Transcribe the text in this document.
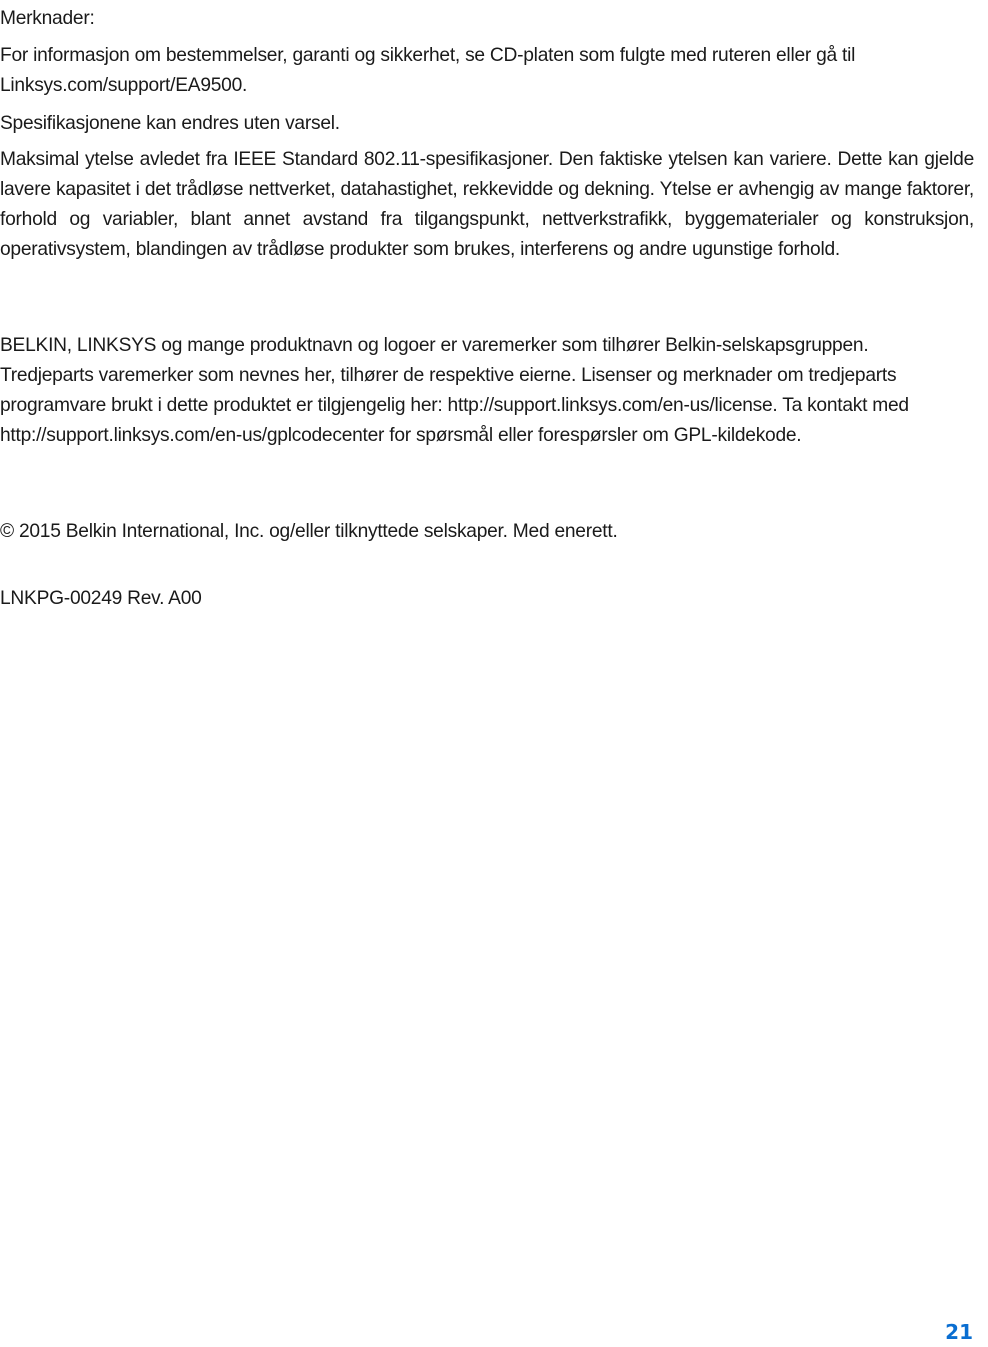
Merknader:

For informasjon om bestemmelser, garanti og sikkerhet, se CD-platen som fulgte med ruteren eller gå til Linksys.com/support/EA9500.

Spesifikasjonene kan endres uten varsel.

Maksimal ytelse avledet fra IEEE Standard 802.11-spesifikasjoner. Den faktiske ytelsen kan variere. Dette kan gjelde lavere kapasitet i det trådløse nettverket, datahastighet, rekkevidde og dekning. Ytelse er avhengig av mange faktorer, forhold og variabler, blant annet avstand fra tilgangspunkt, nettverkstrafikk, byggematerialer og konstruksjon, operativsystem, blandingen av trådløse produkter som brukes, interferens og andre ugunstige forhold.

BELKIN, LINKSYS og mange produktnavn og logoer er varemerker som tilhører Belkin-selskapsgruppen. Tredjeparts varemerker som nevnes her, tilhører de respektive eierne. Lisenser og merknader om tredjeparts programvare brukt i dette produktet er tilgjengelig her: http://support.linksys.com/en-us/license. Ta kontakt med http://support.linksys.com/en-us/gplcodecenter for spørsmål eller forespørsler om GPL-kildekode.

© 2015 Belkin International, Inc. og/eller tilknyttede selskaper. Med enerett.

LNKPG-00249 Rev. A00

21
